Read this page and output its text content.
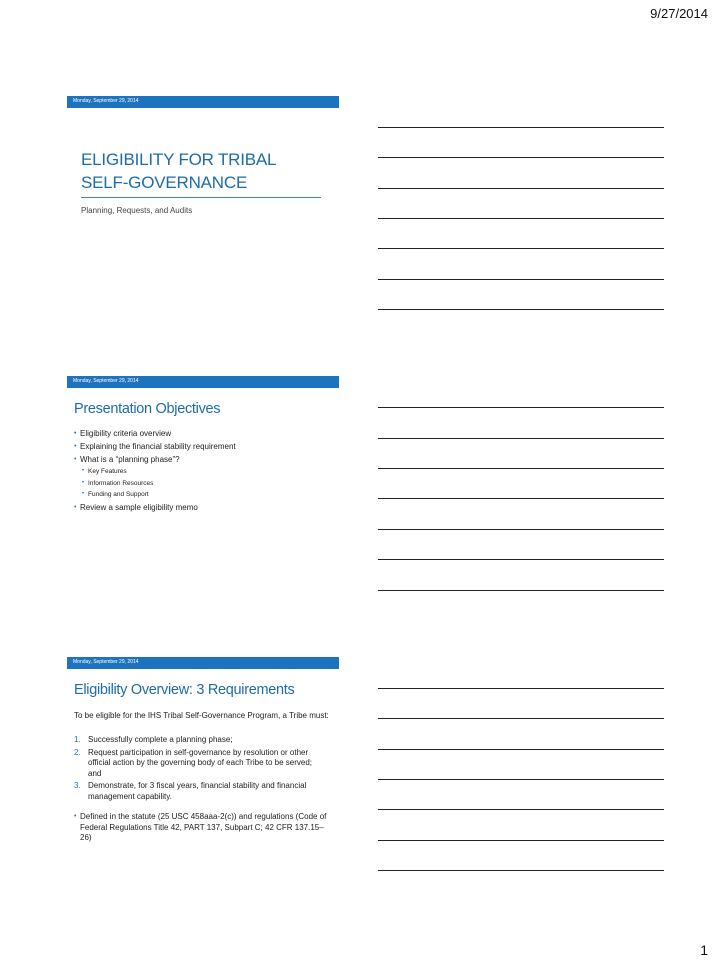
9/27/2014
Monday, September 29, 2014
ELIGIBILITY FOR TRIBAL
SELF-GOVERNANCE
Planning, Requests, and Audits
Monday, September 29, 2014
Presentation Objectives
• Eligibility criteria overview
• Explaining the financial stability requirement
• What is a “planning phase”?
• Key Features
• Information Resources
• Funding and Support
• Review a sample eligibility memo
Monday, September 29, 2014
Eligibility Overview: 3 Requirements
To be eligible for the IHS Tribal Self-Governance Program, a Tribe must:
1. Successfully complete a planning phase;
2. Request participation in self-governance by resolution or other official action by the governing body of each Tribe to be served; and
3. Demonstrate, for 3 fiscal years, financial stability and financial management capability.
• Defined in the statute (25 USC 458aaa-2(c)) and regulations (Code of Federal Regulations Title 42, PART 137, Subpart C; 42 CFR 137.15–26)
1
